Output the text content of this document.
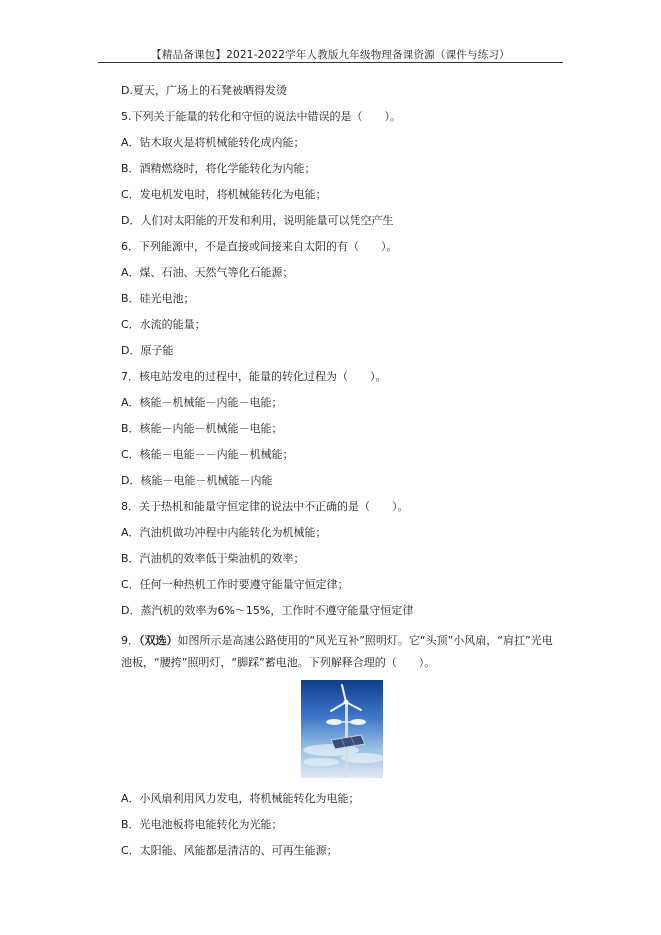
【精品备课包】2021-2022学年人教版九年级物理备课资源（课件与练习）
D.夏天，广场上的石凳被晒得发烫
5.下列关于能量的转化和守恒的说法中错误的是（　　）。
A．钻木取火是将机械能转化成内能；
B．酒精燃烧时，将化学能转化为内能；
C．发电机发电时，将机械能转化为电能；
D．人们对太阳能的开发和利用，说明能量可以凭空产生
6．下列能源中，不是直接或间接来自太阳的有（　　）。
A．煤、石油、天然气等化石能源；
B．硅光电池；
C．水流的能量；
D．原子能
7．核电站发电的过程中，能量的转化过程为（　　）。
A．核能－机械能－内能－电能；
B．核能－内能－机械能－电能；
C．核能－电能－－内能－机械能；
D．核能－电能－机械能－内能
8．关于热机和能量守恒定律的说法中不正确的是（　　）。
A．汽油机做功冲程中内能转化为机械能；
B．汽油机的效率低于柴油机的效率；
C．任何一种热机工作时要遵守能量守恒定律；
D．蒸汽机的效率为6%～15%，工作时不遵守能量守恒定律
9．（双选）如图所示是高速公路使用的“风光互补”照明灯。它“头顶”小风扇，“肩扛”光电池板，“腰挎”照明灯，“脚踩”蓄电池。下列解释合理的（　　）。
A．小风扇利用风力发电，将机械能转化为电能；
B．光电池板将电能转化为光能；
C．太阳能、风能都是清洁的、可再生能源；
